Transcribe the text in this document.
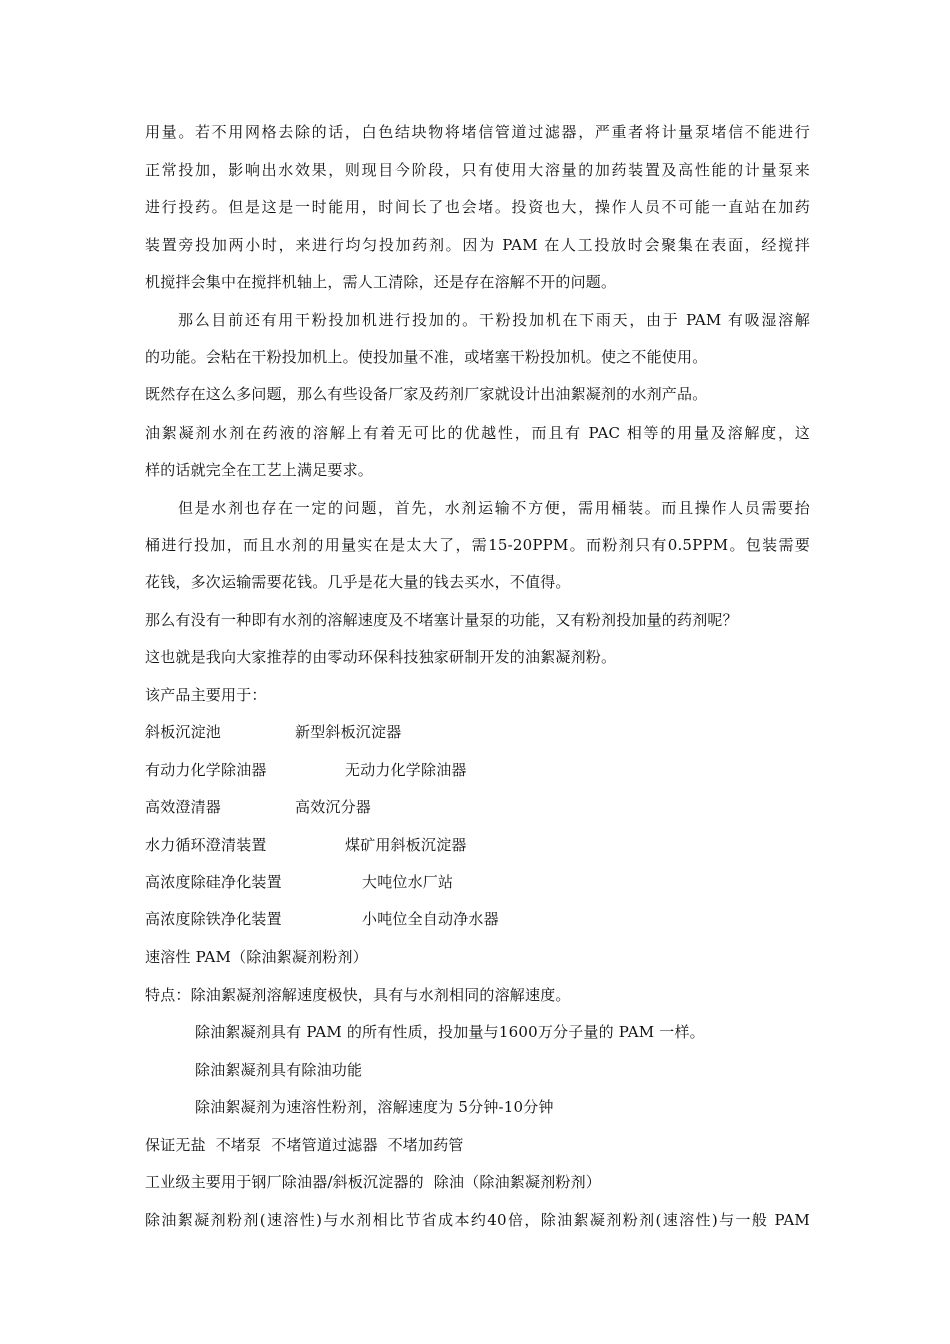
用量。若不用网格去除的话，白色结块物将堵信管道过滤器，严重者将计量泵堵信不能进行
正常投加，影响出水效果，则现目今阶段，只有使用大溶量的加药装置及高性能的计量泵来
进行投药。但是这是一时能用，时间长了也会堵。投资也大，操作人员不可能一直站在加药
装置旁投加两小时，来进行均匀投加药剂。因为 PAM 在人工投放时会聚集在表面，经搅拌
机搅拌会集中在搅拌机轴上，需人工清除，还是存在溶解不开的问题。
那么目前还有用干粉投加机进行投加的。干粉投加机在下雨天，由于 PAM 有吸湿溶解
的功能。会粘在干粉投加机上。使投加量不准，或堵塞干粉投加机。使之不能使用。
既然存在这么多问题，那么有些设备厂家及药剂厂家就设计出油絮凝剂的水剂产品。
油絮凝剂水剂在药液的溶解上有着无可比的优越性，而且有 PAC 相等的用量及溶解度，这
样的话就完全在工艺上满足要求。
但是水剂也存在一定的问题，首先，水剂运输不方便，需用桶装。而且操作人员需要抬
桶进行投加，而且水剂的用量实在是太大了，需15-20PPM。而粉剂只有0.5PPM。包装需要
花钱，多次运输需要花钱。几乎是花大量的钱去买水，不值得。
那么有没有一种即有水剂的溶解速度及不堵塞计量泵的功能，又有粉剂投加量的药剂呢？
这也就是我向大家推荐的由零动环保科技独家研制开发的油絮凝剂粉。
该产品主要用于：
斜板沉淀池	新型斜板沉淀器
有动力化学除油器	无动力化学除油器
高效澄清器	高效沉分器
水力循环澄清装置	煤矿用斜板沉淀器
高浓度除硅净化装置	大吨位水厂站
高浓度除铁净化装置	小吨位全自动净水器
速溶性 PAM（除油絮凝剂粉剂）
特点：除油絮凝剂溶解速度极快，具有与水剂相同的溶解速度。
除油絮凝剂具有 PAM 的所有性质，投加量与1600万分子量的 PAM 一样。
除油絮凝剂具有除油功能
除油絮凝剂为速溶性粉剂，溶解速度为 5分钟-10分钟
保证无盐  不堵泵  不堵管道过滤器  不堵加药管
工业级主要用于钢厂除油器/斜板沉淀器的  除油（除油絮凝剂粉剂）
除油絮凝剂粉剂(速溶性)与水剂相比节省成本约40倍，除油絮凝剂粉剂(速溶性)与一般 PAM
